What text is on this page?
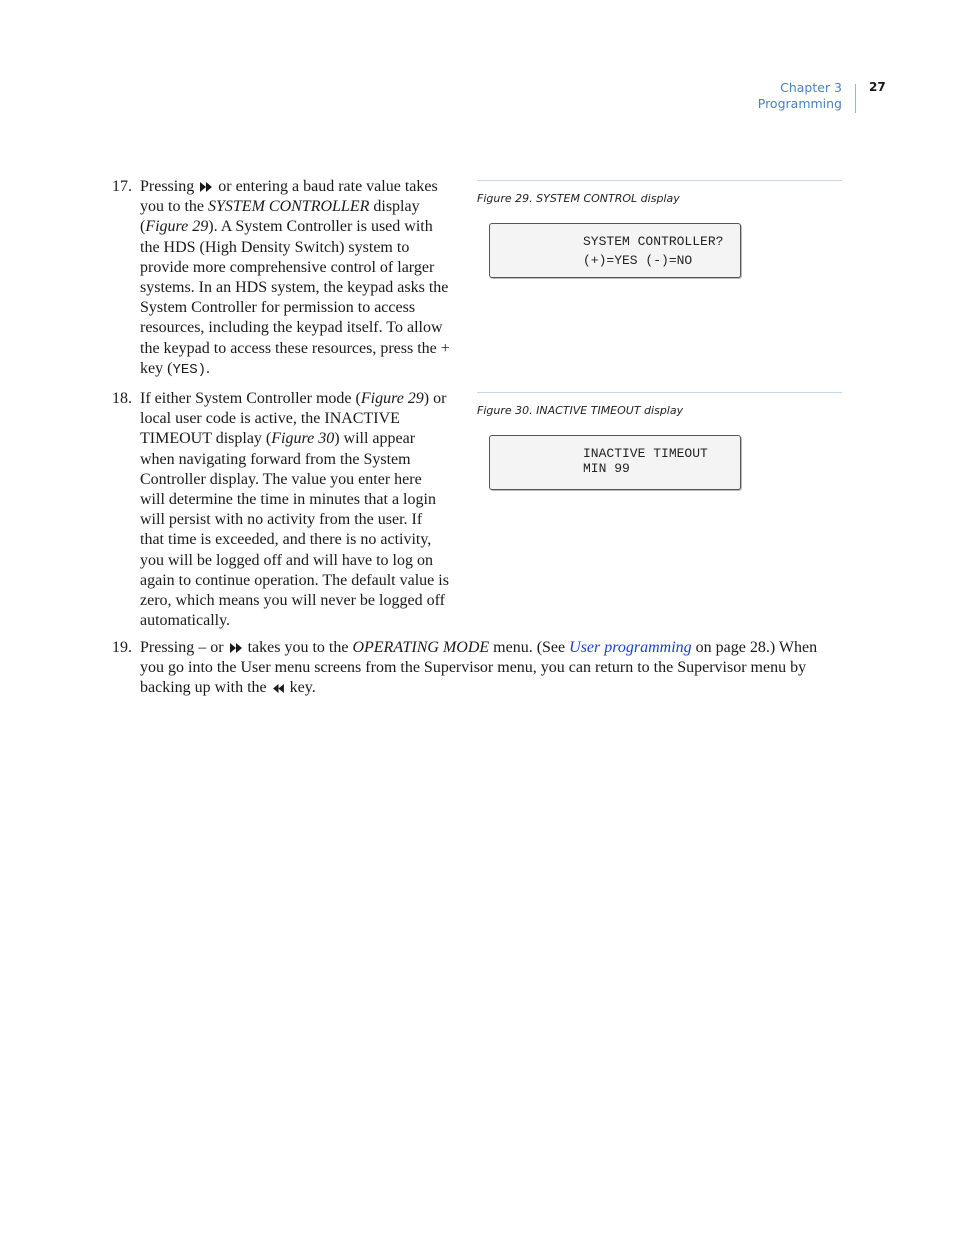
Chapter 3
Programming
27
17. Pressing  or entering a baud rate value takes you to the SYSTEM CONTROLLER display (Figure 29). A System Controller is used with the HDS (High Density Switch) system to provide more comprehensive control of larger systems. In an HDS system, the keypad asks the System Controller for permission to access resources, including the keypad itself. To allow the keypad to access these resources, press the + key (YES).
18. If either System Controller mode (Figure 29) or local user code is active, the INACTIVE TIMEOUT display (Figure 30) will appear when navigating forward from the System Controller display. The value you enter here will determine the time in minutes that a login will persist with no activity from the user. If that time is exceeded, and there is no activity, you will be logged off and will have to log on again to continue operation. The default value is zero, which means you will never be logged off automatically.
19. Pressing – or  takes you to the OPERATING MODE menu. (See User programming on page 28.) When you go into the User menu screens from the Supervisor menu, you can return to the Supervisor menu by backing up with the  key.
Figure 29. SYSTEM CONTROL display
SYSTEM CONTROLLER?
(+)=YES (-)=NO
Figure 30. INACTIVE TIMEOUT display
INACTIVE TIMEOUT
MIN 99
